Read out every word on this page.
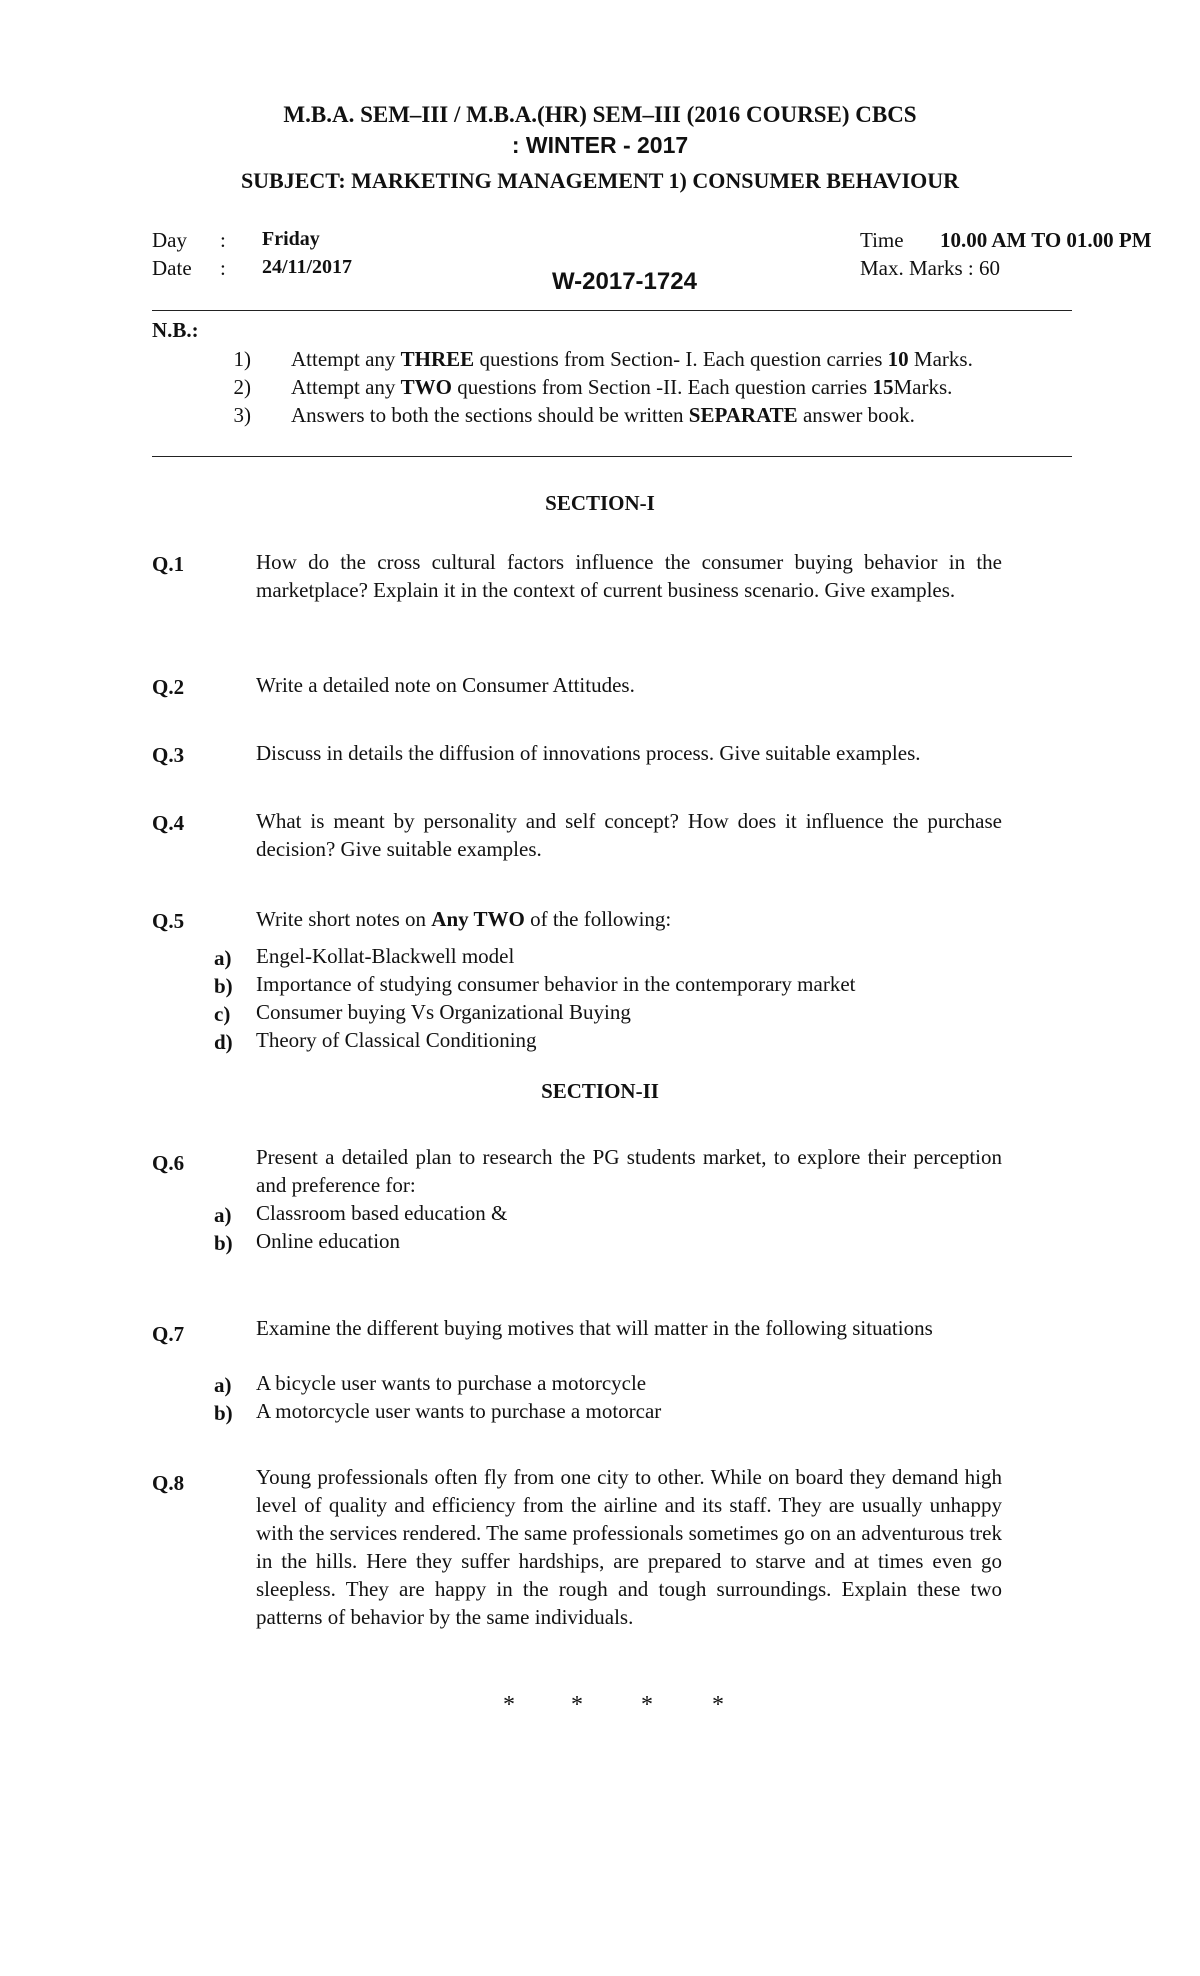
M.B.A. SEM–III / M.B.A.(HR) SEM–III (2016 COURSE) CBCS
: WINTER - 2017
SUBJECT: MARKETING MANAGEMENT 1) CONSUMER BEHAVIOUR
Day : Friday
Date : 24/11/2017
W-2017-1724
Time 10.00 AM TO 01.00 PM
Max. Marks : 60
N.B.:
1) Attempt any THREE questions from Section- I. Each question carries 10 Marks.
2) Attempt any TWO questions from Section -II. Each question carries 15Marks.
3) Answers to both the sections should be written SEPARATE answer book.
SECTION-I
Q.1	How do the cross cultural factors influence the consumer buying behavior in the marketplace? Explain it in the context of current business scenario. Give examples.
Q.2	Write a detailed note on Consumer Attitudes.
Q.3	Discuss in details the diffusion of innovations process. Give suitable examples.
Q.4	What is meant by personality and self concept? How does it influence the purchase decision? Give suitable examples.
Q.5	Write short notes on Any TWO of the following:
a) Engel-Kollat-Blackwell model
b) Importance of studying consumer behavior in the contemporary market
c) Consumer buying Vs Organizational Buying
d) Theory of Classical Conditioning
SECTION-II
Q.6	Present a detailed plan to research the PG students market, to explore their perception and preference for:
a) Classroom based education &
b) Online education
Q.7	Examine the different buying motives that will matter in the following situations
a) A bicycle user wants to purchase a motorcycle
b) A motorcycle user wants to purchase a motorcar
Q.8	Young professionals often fly from one city to other. While on board they demand high level of quality and efficiency from the airline and its staff. They are usually unhappy with the services rendered. The same professionals sometimes go on an adventurous trek in the hills. Here they suffer hardships, are prepared to starve and at times even go sleepless. They are happy in the rough and tough surroundings. Explain these two patterns of behavior by the same individuals.
* * * *
